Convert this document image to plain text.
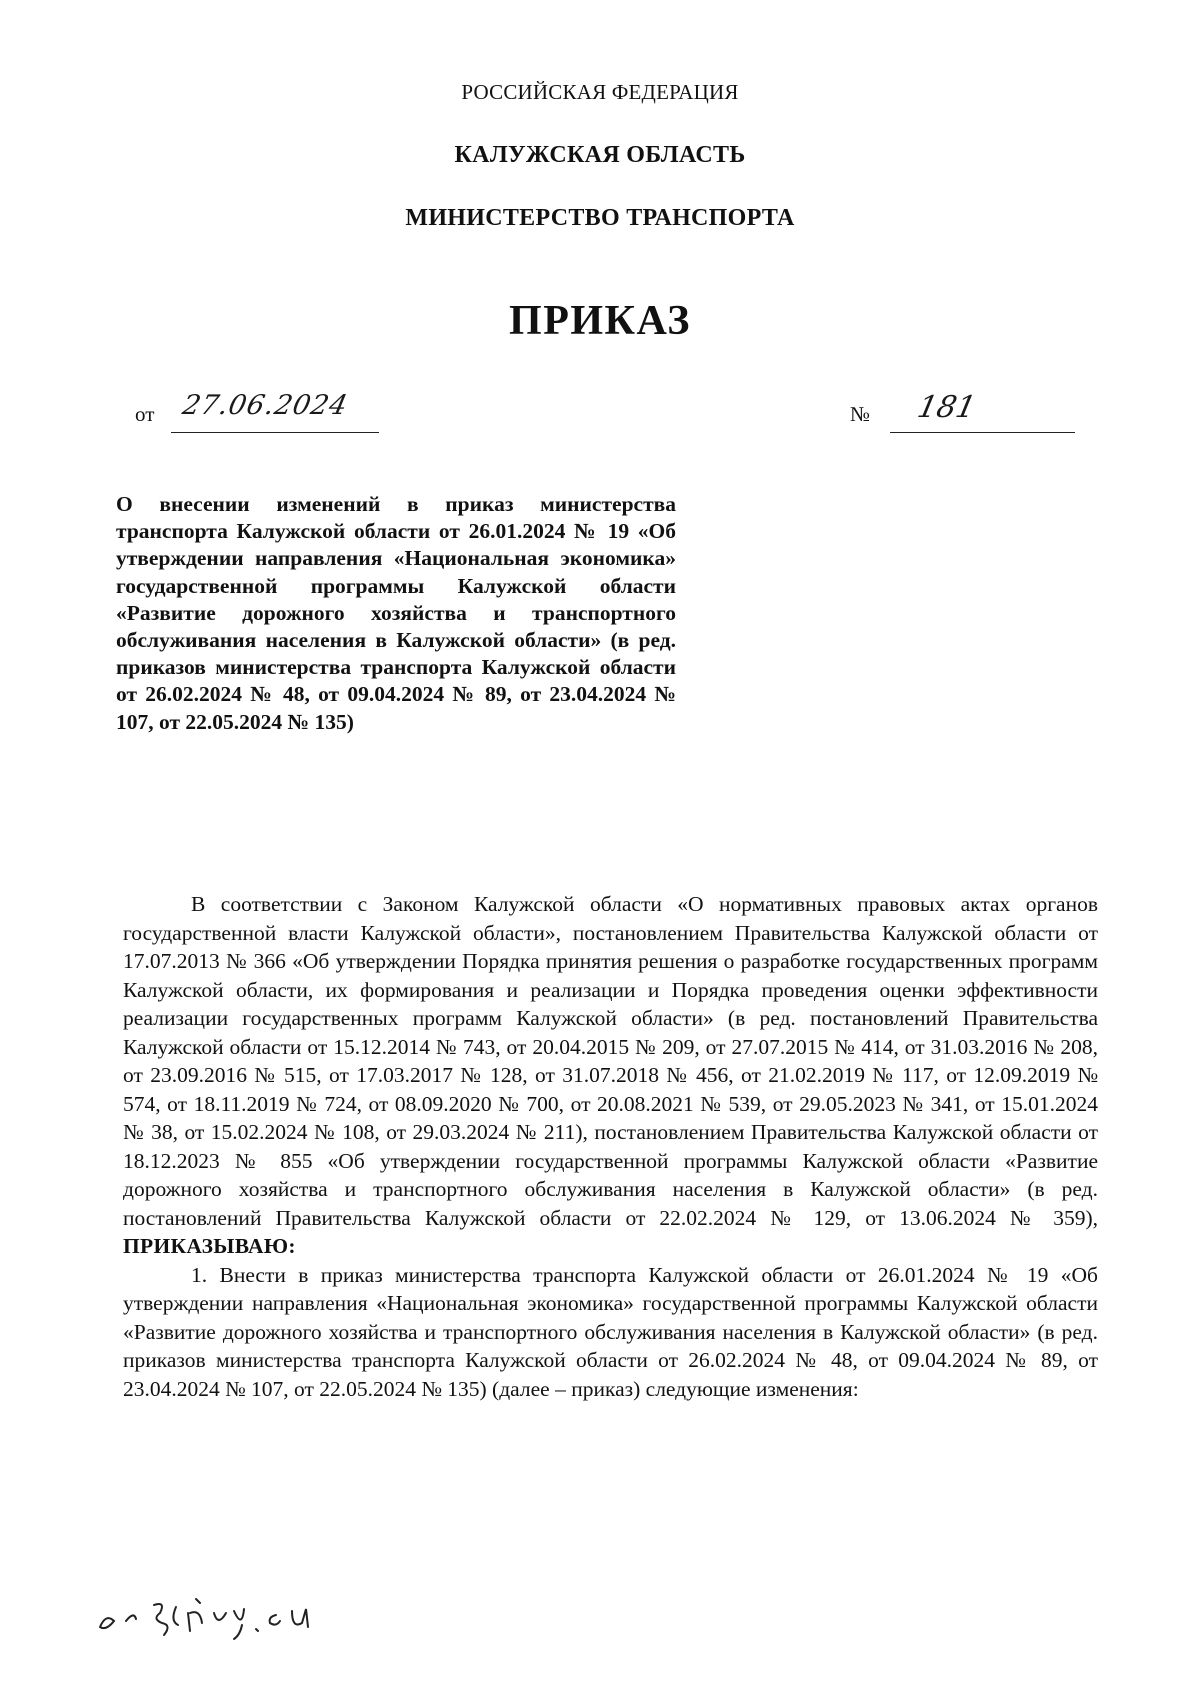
РОССИЙСКАЯ ФЕДЕРАЦИЯ

КАЛУЖСКАЯ ОБЛАСТЬ

МИНИСТЕРСТВО ТРАНСПОРТА

ПРИКАЗ

от 27.06.2024	№ 181

О внесении изменений в приказ министерства транспорта Калужской области от 26.01.2024 № 19 «Об утверждении направления «Национальная экономика» государственной программы Калужской области «Развитие дорожного хозяйства и транспортного обслуживания населения в Калужской области» (в ред. приказов министерства транспорта Калужской области от 26.02.2024 № 48, от 09.04.2024 № 89, от 23.04.2024 № 107, от 22.05.2024 № 135)

В соответствии с Законом Калужской области «О нормативных правовых актах органов государственной власти Калужской области», постановлением Правительства Калужской области от 17.07.2013 № 366 «Об утверждении Порядка принятия решения о разработке государственных программ Калужской области, их формирования и реализации и Порядка проведения оценки эффективности реализации государственных программ Калужской области» (в ред. постановлений Правительства Калужской области от 15.12.2014 № 743, от 20.04.2015 № 209, от 27.07.2015 № 414, от 31.03.2016 № 208, от 23.09.2016 № 515, от 17.03.2017 № 128, от 31.07.2018 № 456, от 21.02.2019 № 117, от 12.09.2019 № 574, от 18.11.2019 № 724, от 08.09.2020 № 700, от 20.08.2021 № 539, от 29.05.2023 № 341, от 15.01.2024 № 38, от 15.02.2024 № 108, от 29.03.2024 № 211), постановлением Правительства Калужской области от 18.12.2023 № 855 «Об утверждении государственной программы Калужской области «Развитие дорожного хозяйства и транспортного обслуживания населения в Калужской области» (в ред. постановлений Правительства Калужской области от 22.02.2024 № 129, от 13.06.2024 № 359), ПРИКАЗЫВАЮ:

1. Внести в приказ министерства транспорта Калужской области от 26.01.2024 № 19 «Об утверждении направления «Национальная экономика» государственной программы Калужской области «Развитие дорожного хозяйства и транспортного обслуживания населения в Калужской области» (в ред. приказов министерства транспорта Калужской области от 26.02.2024 № 48, от 09.04.2024 № 89, от 23.04.2024 № 107, от 22.05.2024 № 135) (далее – приказ) следующие изменения:
